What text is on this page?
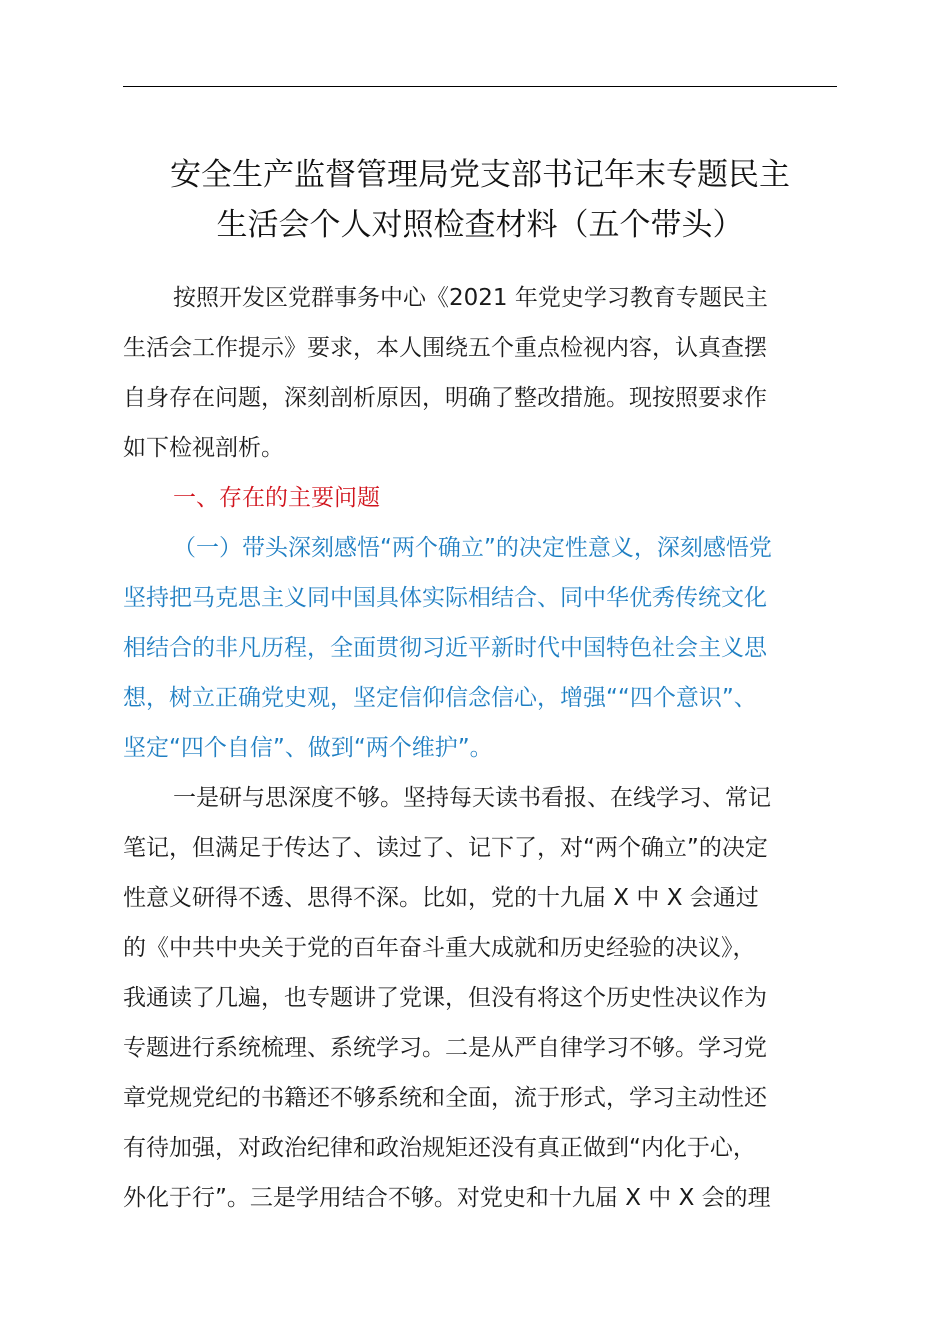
安全生产监督管理局党支部书记年末专题民主
生活会个人对照检查材料（五个带头）
按照开发区党群事务中心《2021 年党史学习教育专题民主
生活会工作提示》要求，本人围绕五个重点检视内容，认真查摆
自身存在问题，深刻剖析原因，明确了整改措施。现按照要求作
如下检视剖析。
一、存在的主要问题
（一）带头深刻感悟“两个确立”的决定性意义，深刻感悟党
坚持把马克思主义同中国具体实际相结合、同中华优秀传统文化
相结合的非凡历程，全面贯彻习近平新时代中国特色社会主义思
想，树立正确党史观，坚定信仰信念信心，增强““四个意识”、
坚定“四个自信”、做到“两个维护”。
一是研与思深度不够。坚持每天读书看报、在线学习、常记
笔记，但满足于传达了、读过了、记下了，对“两个确立”的决定
性意义研得不透、思得不深。比如，党的十九届 X 中 X 会通过
的《中共中央关于党的百年奋斗重大成就和历史经验的决议》，
我通读了几遍，也专题讲了党课，但没有将这个历史性决议作为
专题进行系统梳理、系统学习。二是从严自律学习不够。学习党
章党规党纪的书籍还不够系统和全面，流于形式，学习主动性还
有待加强，对政治纪律和政治规矩还没有真正做到“内化于心，
外化于行”。三是学用结合不够。对党史和十九届 X 中 X 会的理
